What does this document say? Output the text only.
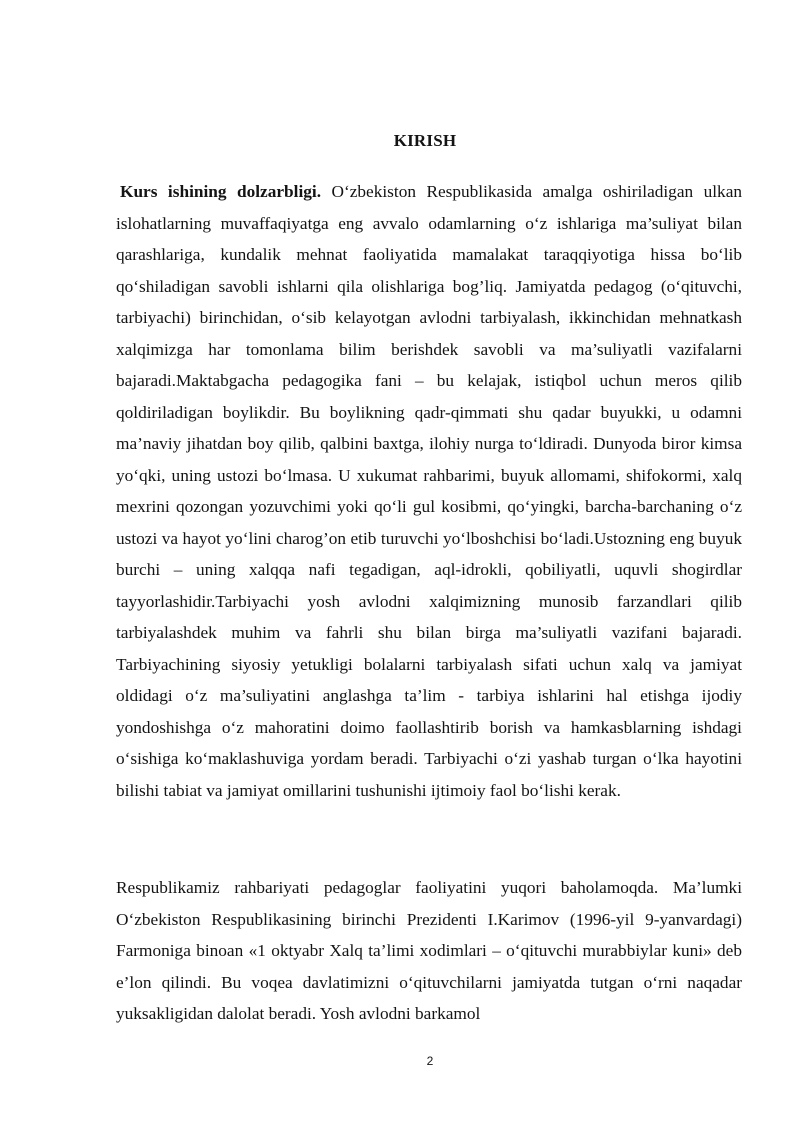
KIRISH

Kurs ishining dolzarbligi. O‘zbekiston Respublikasida amalga oshiriladigan ulkan islohatlarning muvaffaqiyatga eng avvalo odamlarning o‘z ishlariga ma’suliyat bilan qarashlariga, kundalik mehnat faoliyatida mamalakat taraqqiyotiga hissa bo‘lib qo‘shiladigan savobli ishlarni qila olishlariga bog’liq. Jamiyatda pedagog (o‘qituvchi, tarbiyachi) birinchidan, o‘sib kelayotgan avlodni tarbiyalash, ikkinchidan mehnatkash xalqimizga har tomonlama bilim berishdek savobli va ma’suliyatli vazifalarni bajaradi.Maktabgacha pedagogika fani – bu kelajak, istiqbol uchun meros qilib qoldiriladigan boylikdir. Bu boylikning qadr-qimmati shu qadar buyukki, u odamni ma’naviy jihatdan boy qilib, qalbini baxtga, ilohiy nurga to‘ldiradi. Dunyoda biror kimsa yo‘qki, uning ustozi bo‘lmasa. U xukumat rahbarimi, buyuk allomami, shifokormi, xalq mexrini qozongan yozuvchimi yoki qo‘li gul kosibmi, qo‘yingki, barcha-barchaning o‘z ustozi va hayot yo‘lini charog’on etib turuvchi yo‘lboshchisi bo‘ladi.Ustozning eng buyuk burchi – uning xalqqa nafi tegadigan, aql-idrokli, qobiliyatli, uquvli shogirdlar tayyorlashidir.Tarbiyachi yosh avlodni xalqimizning munosib farzandlari qilib tarbiyalashdek muhim va fahrli shu bilan birga ma’suliyatli vazifani bajaradi. Tarbiyachining siyosiy yetukligi bolalarni tarbiyalash sifati uchun xalq va jamiyat oldidagi o‘z ma’suliyatini anglashga ta’lim - tarbiya ishlarini hal etishga ijodiy yondoshishga o‘z mahoratini doimo faollashtirib borish va hamkasblarning ishdagi o‘sishiga ko‘maklashuviga yordam beradi. Tarbiyachi o‘zi yashab turgan o‘lka hayotini bilishi tabiat va jamiyat omillarini tushunishi ijtimoiy faol bo‘lishi kerak.

Respublikamiz rahbariyati pedagoglar faoliyatini yuqori baholamoqda. Ma’lumki O‘zbekiston Respublikasining birinchi Prezidenti I.Karimov (1996-yil 9-yanvardagi) Farmoniga binoan «1 oktyabr Xalq ta’limi xodimlari – o‘qituvchi murabbiylar kuni» deb e’lon qilindi. Bu voqea davlatimizni o‘qituvchilarni jamiyatda tutgan o‘rni naqadar yuksakligidan dalolat beradi. Yosh avlodni barkamol

2
